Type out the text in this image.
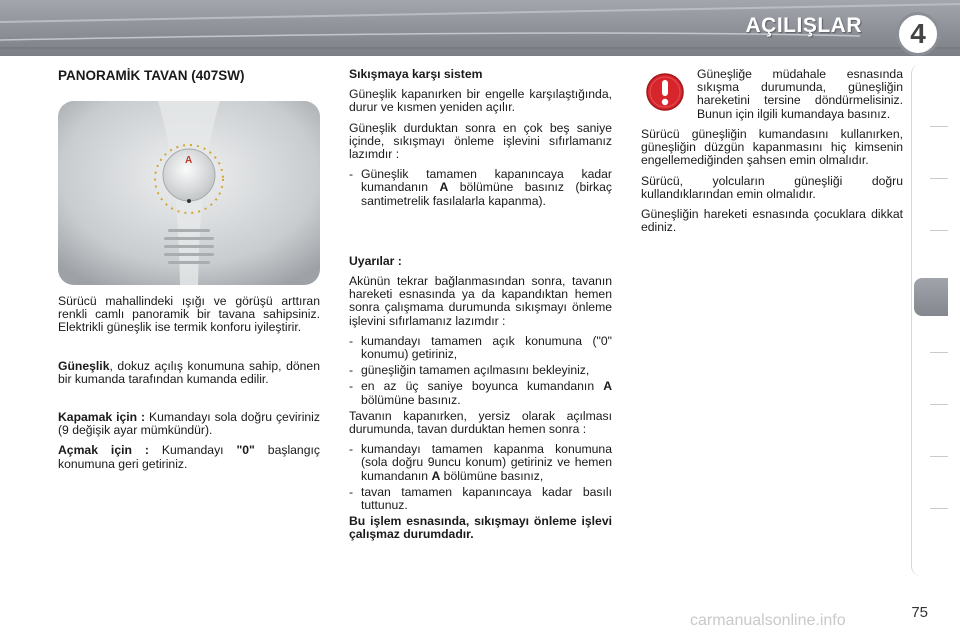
AÇILIŞLAR	4
PANORAMİK TAVAN (407SW)
A

Sürücü mahallindeki ışığı ve görüşü arttıran renkli camlı panoramik bir tavana sahipsiniz. Elektrikli güneşlik ise termik konforu iyileştirir.

Güneşlik, dokuz açılış konumuna sahip, dönen bir kumanda tarafından kumanda edilir.

Kapamak için : Kumandayı sola doğru çeviriniz (9 değişik ayar mümkündür).

Açmak için : Kumandayı "0" başlangıç konumuna geri getiriniz.

Sıkışmaya karşı sistem

Güneşlik kapanırken bir engelle karşılaştığında, durur ve kısmen yeniden açılır.

Güneşlik durduktan sonra en çok beş saniye içinde, sıkışmayı önleme işlevini sıfırlamanız lazımdır :

- Güneşlik tamamen kapanıncaya kadar kumandanın A bölümüne basınız (birkaç santimetrelik fasılalarla kapanma).

Uyarılar :

Akünün tekrar bağlanmasından sonra, tavanın hareketi esnasında ya da kapandıktan hemen sonra çalışmama durumunda sıkışmayı önleme işlevini sıfırlamanız lazımdır :

- kumandayı tamamen açık konumuna ("0" konumu) getiriniz,
- güneşliğin tamamen açılmasını bekleyiniz,
- en az üç saniye boyunca kumandanın A bölümüne basınız.

Tavanın kapanırken, yersiz olarak açılması durumunda, tavan durduktan hemen sonra :

- kumandayı tamamen kapanma konumuna (sola doğru 9uncu konum) getiriniz ve hemen kumandanın A bölümüne basınız,
- tavan tamamen kapanıncaya kadar basılı tuttunuz.

Bu işlem esnasında, sıkışmayı önleme işlevi çalışmaz durumdadır.

Güneşliğe müdahale esnasında sıkışma durumunda, güneşliğin hareketini tersine döndürmelisiniz. Bunun için ilgili kumandaya basınız.

Sürücü güneşliğin kumandasını kullanırken, güneşliğin düzgün kapanmasını hiç kimsenin engellemediğinden şahsen emin olmalıdır.

Sürücü, yolcuların güneşliği doğru kullandıklarından emin olmalıdır.

Güneşliğin hareketi esnasında çocuklara dikkat ediniz.

75
carmanualsonline.info
